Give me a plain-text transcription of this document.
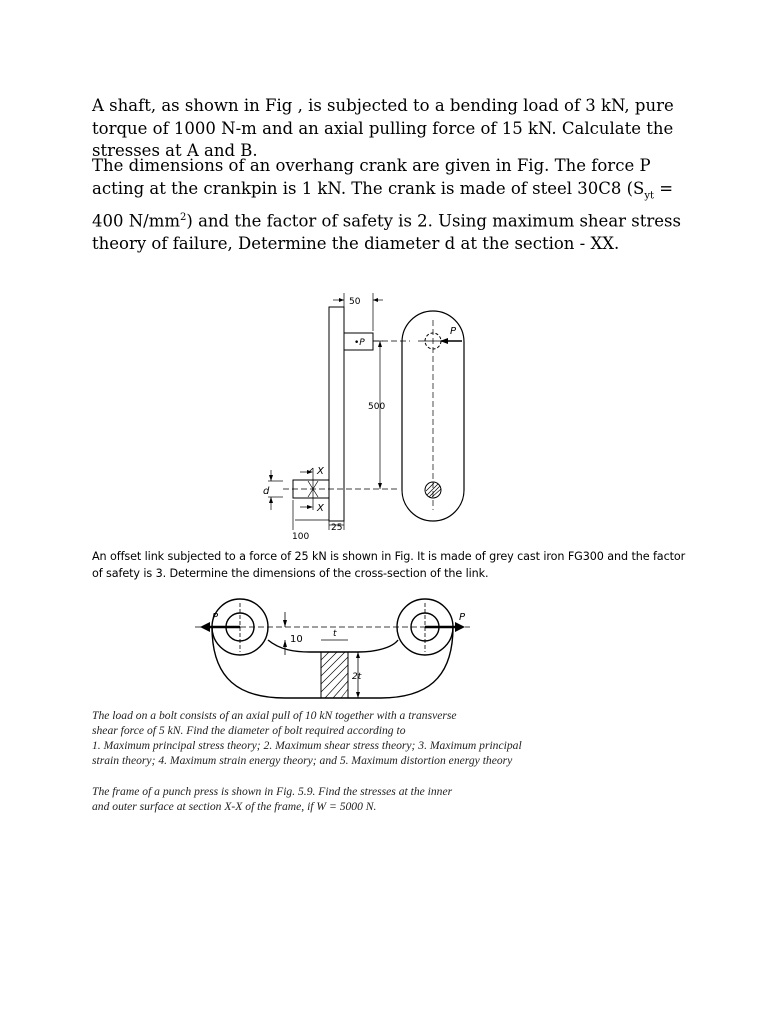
A shaft, as shown in Fig , is subjected to a bending load of 3 kN, pure torque of 1000 N-m and an axial pulling force of 15 kN. Calculate the stresses at A and B.

The dimensions of an overhang crank are given in Fig. The force P acting at the crankpin is 1 kN. The crank is made of steel 30C8 ($S_{yt} = 400$ $N/mm^2$) and the factor of safety is 2. Using maximum shear stress theory of failure, Determine the diameter d at the section - XX.

50
500
25
100
d
X
X
•P
P

An offset link subjected to a force of 25 kN is shown in Fig. It is made of grey cast iron FG300 and the factor of safety is 3. Determine the dimensions of the cross-section of the link.

P	P
10	t
2t
The load on a bolt consists of an axial pull of 10 kN together with a transverse
shear force of 5 kN. Find the diameter of bolt required according to
1. Maximum principal stress theory; 2. Maximum shear stress theory; 3. Maximum principal
strain theory; 4. Maximum strain energy theory; and 5. Maximum distortion energy theory
The frame of a punch press is shown in Fig. 5.9. Find the stresses at the inner
and outer surface at section X-X of the frame, if W = 5000 N.
